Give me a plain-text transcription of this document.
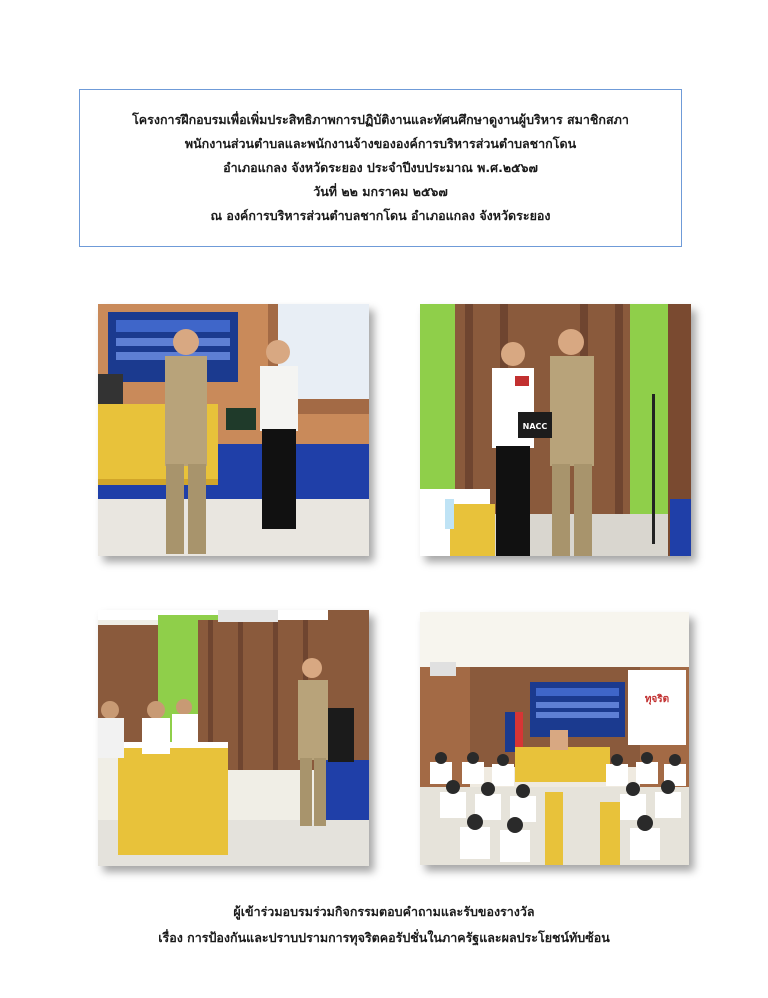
โครงการฝึกอบรมเพื่อเพิ่มประสิทธิภาพการปฏิบัติงานและทัศนศึกษาดูงานผู้บริหาร สมาชิกสภา
พนักงานส่วนตำบลและพนักงานจ้างขององค์การบริหารส่วนตำบลชากโดน
อำเภอแกลง จังหวัดระยอง ประจำปีงบประมาณ พ.ศ.๒๕๖๗
วันที่ ๒๒ มกราคม ๒๕๖๗
ณ องค์การบริหารส่วนตำบลชากโดน อำเภอแกลง จังหวัดระยอง
NACC
ทุจริต
ผู้เข้าร่วมอบรมร่วมกิจกรรมตอบคำถามและรับของรางวัล
เรื่อง การป้องกันและปราบปรามการทุจริตคอรัปชั่นในภาครัฐและผลประโยชน์ทับซ้อน
